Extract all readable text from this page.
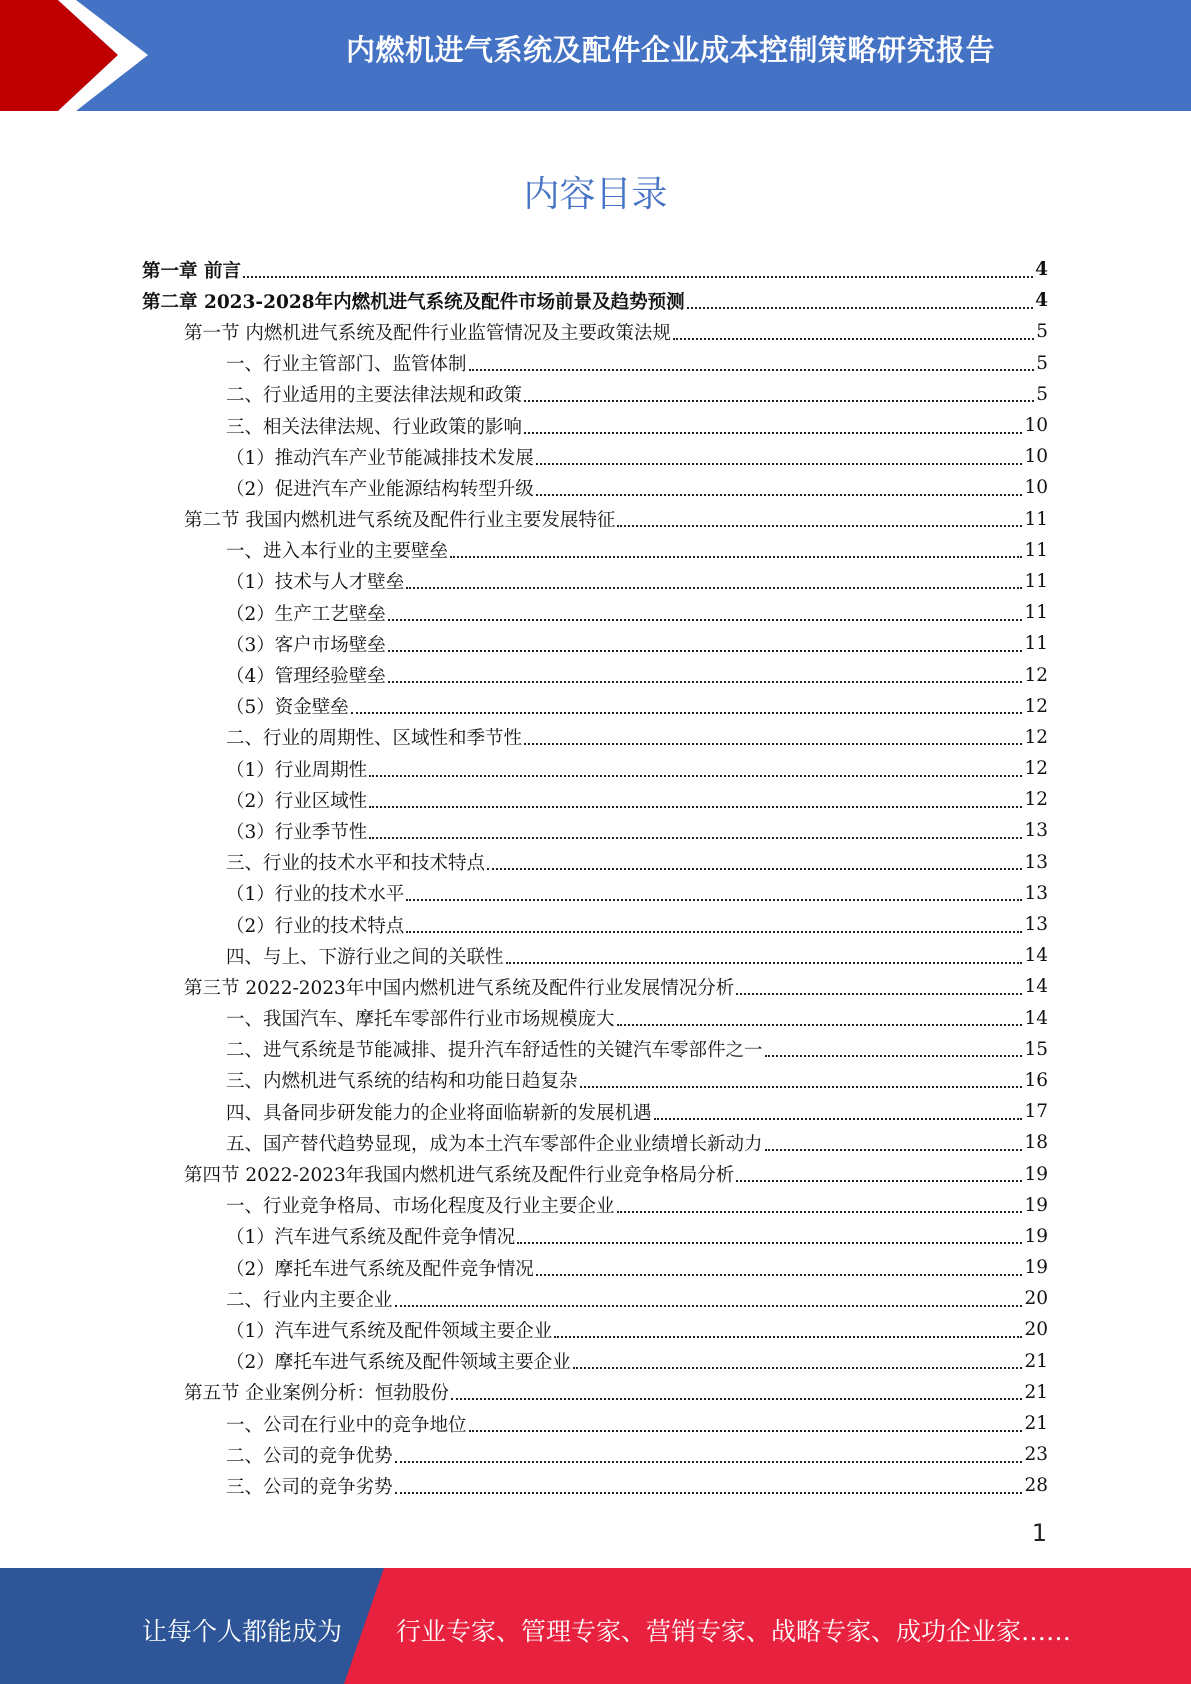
内燃机进气系统及配件企业成本控制策略研究报告
内容目录
第一章 前言	4
第二章 2023-2028年内燃机进气系统及配件市场前景及趋势预测	4
第一节 内燃机进气系统及配件行业监管情况及主要政策法规	5
一、行业主管部门、监管体制	5
二、行业适用的主要法律法规和政策	5
三、相关法律法规、行业政策的影响	10
（1）推动汽车产业节能减排技术发展	10
（2）促进汽车产业能源结构转型升级	10
第二节 我国内燃机进气系统及配件行业主要发展特征	11
一、进入本行业的主要壁垒	11
（1）技术与人才壁垒	11
（2）生产工艺壁垒	11
（3）客户市场壁垒	11
（4）管理经验壁垒	12
（5）资金壁垒	12
二、行业的周期性、区域性和季节性	12
（1）行业周期性	12
（2）行业区域性	12
（3）行业季节性	13
三、行业的技术水平和技术特点	13
（1）行业的技术水平	13
（2）行业的技术特点	13
四、与上、下游行业之间的关联性	14
第三节 2022-2023年中国内燃机进气系统及配件行业发展情况分析	14
一、我国汽车、摩托车零部件行业市场规模庞大	14
二、进气系统是节能减排、提升汽车舒适性的关键汽车零部件之一	15
三、内燃机进气系统的结构和功能日趋复杂	16
四、具备同步研发能力的企业将面临崭新的发展机遇	17
五、国产替代趋势显现，成为本土汽车零部件企业业绩增长新动力	18
第四节 2022-2023年我国内燃机进气系统及配件行业竞争格局分析	19
一、行业竞争格局、市场化程度及行业主要企业	19
（1）汽车进气系统及配件竞争情况	19
（2）摩托车进气系统及配件竞争情况	19
二、行业内主要企业	20
（1）汽车进气系统及配件领域主要企业	20
（2）摩托车进气系统及配件领域主要企业	21
第五节 企业案例分析：恒勃股份	21
一、公司在行业中的竞争地位	21
二、公司的竞争优势	23
三、公司的竞争劣势	28
1
让每个人都能成为 行业专家、管理专家、营销专家、战略专家、成功企业家……
